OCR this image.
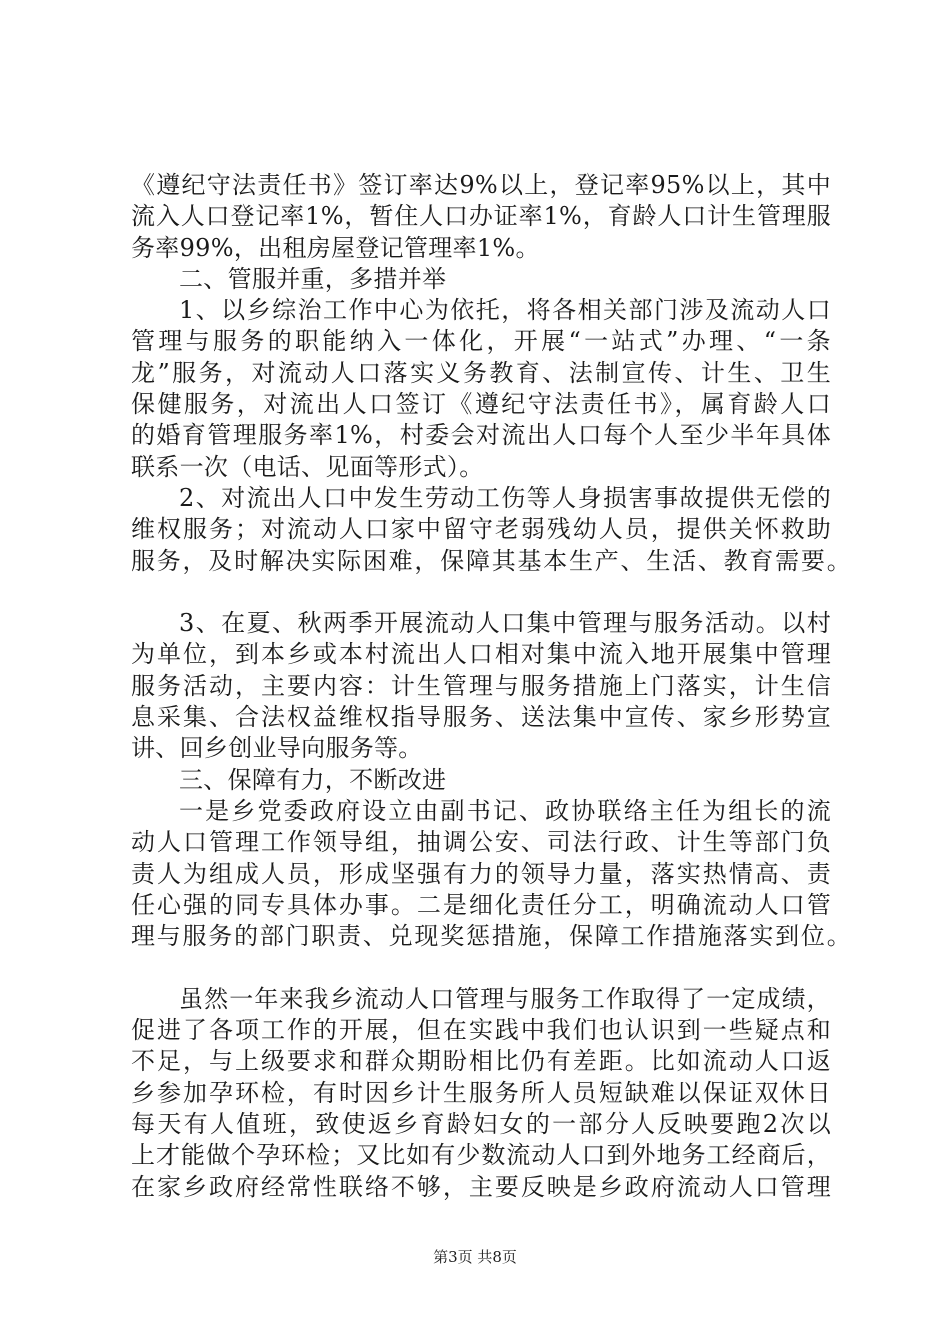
《遵纪守法责任书》签订率达9%以上，登记率95%以上，其中
流入人口登记率1%，暂住人口办证率1%，育龄人口计生管理服
务率99%，出租房屋登记管理率1%。
二、管服并重，多措并举
1、以乡综治工作中心为依托，将各相关部门涉及流动人口
管理与服务的职能纳入一体化，开展“一站式”办理、“一条
龙”服务，对流动人口落实义务教育、法制宣传、计生、卫生
保健服务，对流出人口签订《遵纪守法责任书》，属育龄人口
的婚育管理服务率1%，村委会对流出人口每个人至少半年具体
联系一次（电话、见面等形式）。
2、对流出人口中发生劳动工伤等人身损害事故提供无偿的
维权服务；对流动人口家中留守老弱残幼人员，提供关怀救助
服务，及时解决实际困难，保障其基本生产、生活、教育需要。
3、在夏、秋两季开展流动人口集中管理与服务活动。以村
为单位，到本乡或本村流出人口相对集中流入地开展集中管理
服务活动，主要内容：计生管理与服务措施上门落实，计生信
息采集、合法权益维权指导服务、送法集中宣传、家乡形势宣
讲、回乡创业导向服务等。
三、保障有力，不断改进
一是乡党委政府设立由副书记、政协联络主任为组长的流
动人口管理工作领导组，抽调公安、司法行政、计生等部门负
责人为组成人员，形成坚强有力的领导力量，落实热情高、责
任心强的同专具体办事。二是细化责任分工，明确流动人口管
理与服务的部门职责、兑现奖惩措施，保障工作措施落实到位。
虽然一年来我乡流动人口管理与服务工作取得了一定成绩，
促进了各项工作的开展，但在实践中我们也认识到一些疑点和
不足，与上级要求和群众期盼相比仍有差距。比如流动人口返
乡参加孕环检，有时因乡计生服务所人员短缺难以保证双休日
每天有人值班，致使返乡育龄妇女的一部分人反映要跑2次以
上才能做个孕环检；又比如有少数流动人口到外地务工经商后，
在家乡政府经常性联络不够，主要反映是乡政府流动人口管理
第3页 共8页
